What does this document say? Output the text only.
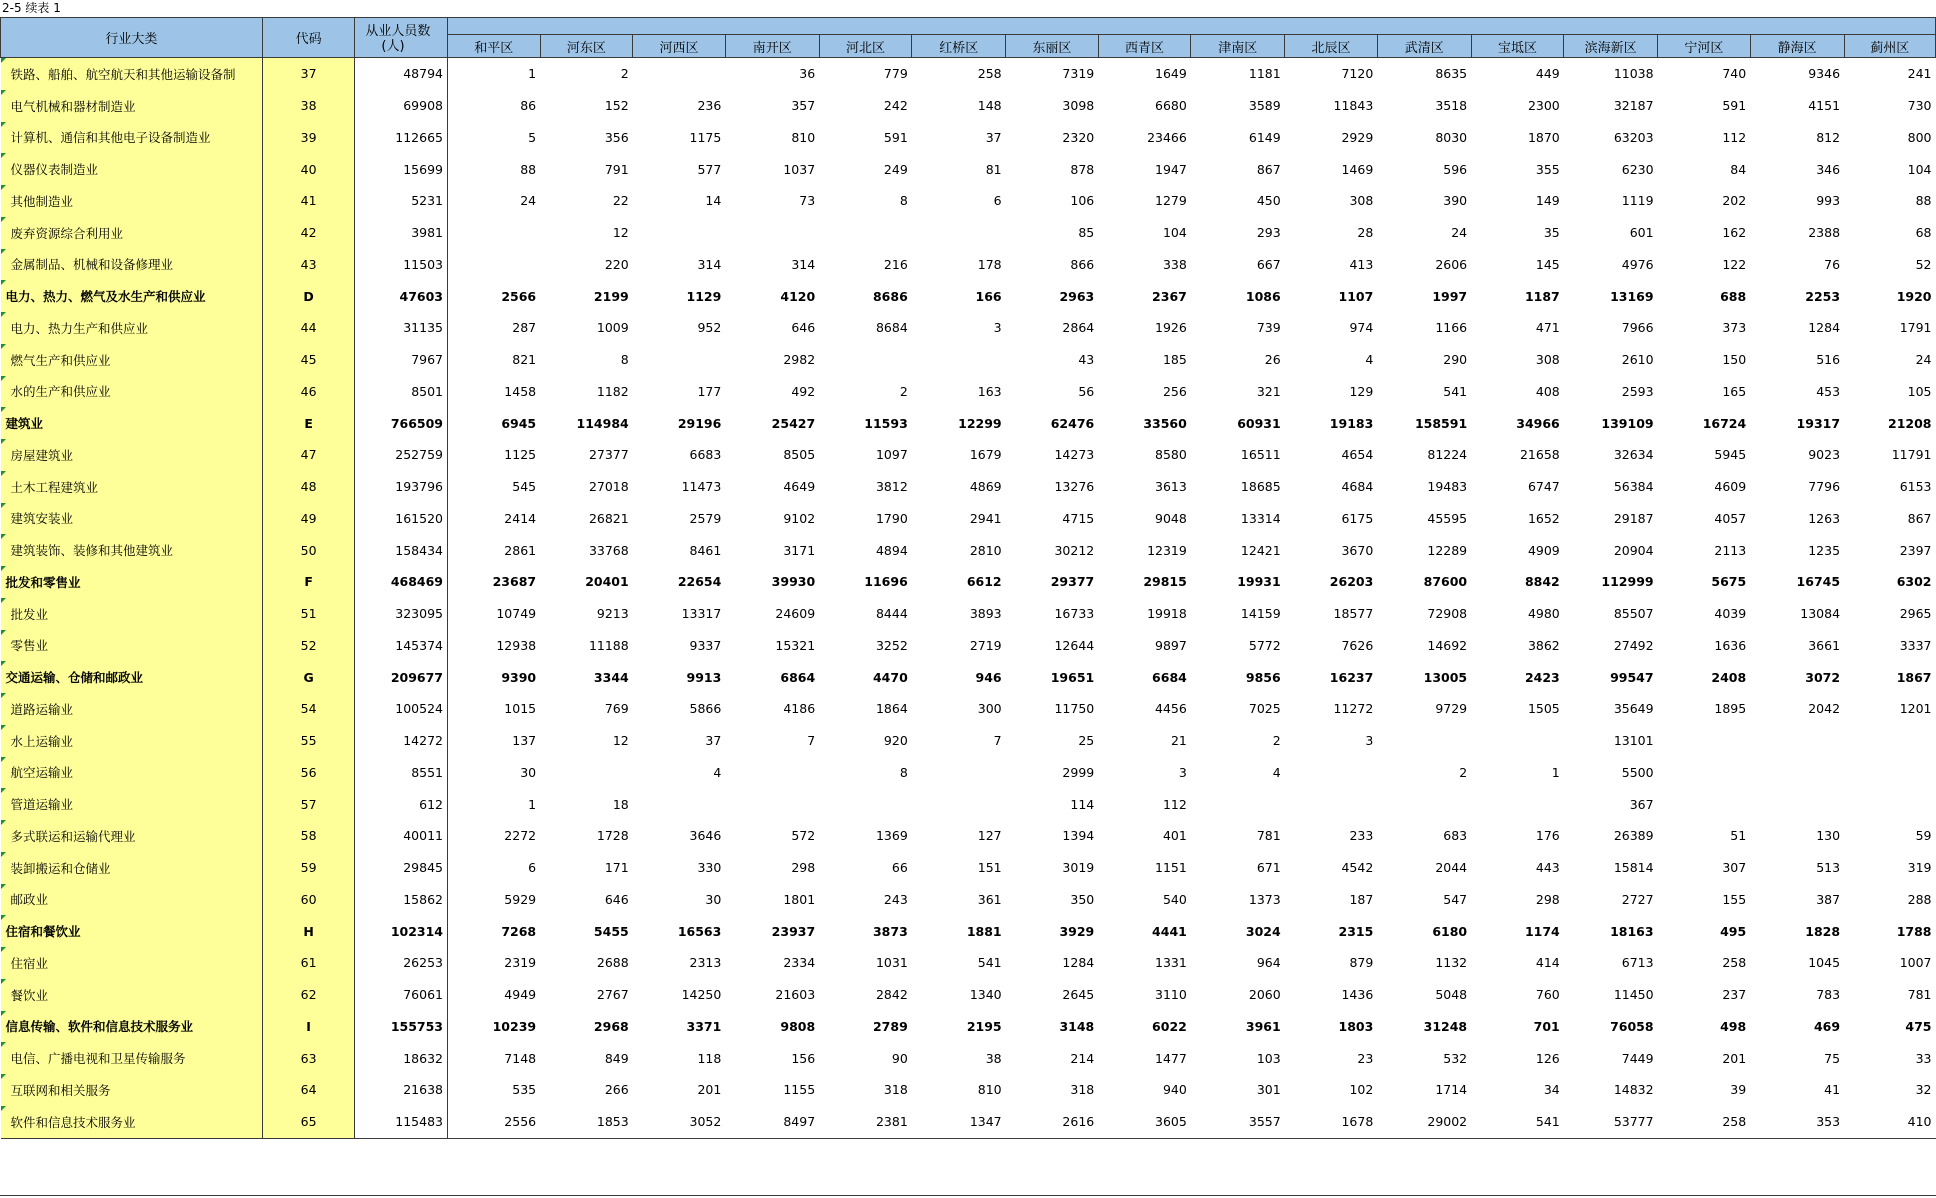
2-5 续表 1
行业大类	代码	从业人员数
(人)																

			和平区	河东区	河西区	南开区	河北区	红桥区	东丽区	西青区	津南区	北辰区	武清区	宝坻区	滨海新区	宁河区	静海区	蓟州区
铁路、船舶、航空航天和其他运输设备制	37	48794	1	2		36	779	258	7319	1649	1181	7120	8635	449	11038	740	9346	241
电气机械和器材制造业	38	69908	86	152	236	357	242	148	3098	6680	3589	11843	3518	2300	32187	591	4151	730
计算机、通信和其他电子设备制造业	39	112665	5	356	1175	810	591	37	2320	23466	6149	2929	8030	1870	63203	112	812	800
仪器仪表制造业	40	15699	88	791	577	1037	249	81	878	1947	867	1469	596	355	6230	84	346	104
其他制造业	41	5231	24	22	14	73	8	6	106	1279	450	308	390	149	1119	202	993	88
废弃资源综合利用业	42	3981		12					85	104	293	28	24	35	601	162	2388	68
金属制品、机械和设备修理业	43	11503		220	314	314	216	178	866	338	667	413	2606	145	4976	122	76	52
电力、热力、燃气及水生产和供应业	D	47603	2566	2199	1129	4120	8686	166	2963	2367	1086	1107	1997	1187	13169	688	2253	1920
电力、热力生产和供应业	44	31135	287	1009	952	646	8684	3	2864	1926	739	974	1166	471	7966	373	1284	1791
燃气生产和供应业	45	7967	821	8		2982			43	185	26	4	290	308	2610	150	516	24
水的生产和供应业	46	8501	1458	1182	177	492	2	163	56	256	321	129	541	408	2593	165	453	105
建筑业	E	766509	6945	114984	29196	25427	11593	12299	62476	33560	60931	19183	158591	34966	139109	16724	19317	21208
房屋建筑业	47	252759	1125	27377	6683	8505	1097	1679	14273	8580	16511	4654	81224	21658	32634	5945	9023	11791
土木工程建筑业	48	193796	545	27018	11473	4649	3812	4869	13276	3613	18685	4684	19483	6747	56384	4609	7796	6153
建筑安装业	49	161520	2414	26821	2579	9102	1790	2941	4715	9048	13314	6175	45595	1652	29187	4057	1263	867
建筑装饰、装修和其他建筑业	50	158434	2861	33768	8461	3171	4894	2810	30212	12319	12421	3670	12289	4909	20904	2113	1235	2397
批发和零售业	F	468469	23687	20401	22654	39930	11696	6612	29377	29815	19931	26203	87600	8842	112999	5675	16745	6302
批发业	51	323095	10749	9213	13317	24609	8444	3893	16733	19918	14159	18577	72908	4980	85507	4039	13084	2965
零售业	52	145374	12938	11188	9337	15321	3252	2719	12644	9897	5772	7626	14692	3862	27492	1636	3661	3337
交通运输、仓储和邮政业	G	209677	9390	3344	9913	6864	4470	946	19651	6684	9856	16237	13005	2423	99547	2408	3072	1867
道路运输业	54	100524	1015	769	5866	4186	1864	300	11750	4456	7025	11272	9729	1505	35649	1895	2042	1201
水上运输业	55	14272	137	12	37	7	920	7	25	21	2	3			13101			
航空运输业	56	8551	30		4		8		2999	3	4		2	1	5500			
管道运输业	57	612	1	18					114	112					367			
多式联运和运输代理业	58	40011	2272	1728	3646	572	1369	127	1394	401	781	233	683	176	26389	51	130	59
装卸搬运和仓储业	59	29845	6	171	330	298	66	151	3019	1151	671	4542	2044	443	15814	307	513	319
邮政业	60	15862	5929	646	30	1801	243	361	350	540	1373	187	547	298	2727	155	387	288
住宿和餐饮业	H	102314	7268	5455	16563	23937	3873	1881	3929	4441	3024	2315	6180	1174	18163	495	1828	1788
住宿业	61	26253	2319	2688	2313	2334	1031	541	1284	1331	964	879	1132	414	6713	258	1045	1007
餐饮业	62	76061	4949	2767	14250	21603	2842	1340	2645	3110	2060	1436	5048	760	11450	237	783	781
信息传输、软件和信息技术服务业	I	155753	10239	2968	3371	9808	2789	2195	3148	6022	3961	1803	31248	701	76058	498	469	475
电信、广播电视和卫星传输服务	63	18632	7148	849	118	156	90	38	214	1477	103	23	532	126	7449	201	75	33
互联网和相关服务	64	21638	535	266	201	1155	318	810	318	940	301	102	1714	34	14832	39	41	32
软件和信息技术服务业	65	115483	2556	1853	3052	8497	2381	1347	2616	3605	3557	1678	29002	541	53777	258	353	410
